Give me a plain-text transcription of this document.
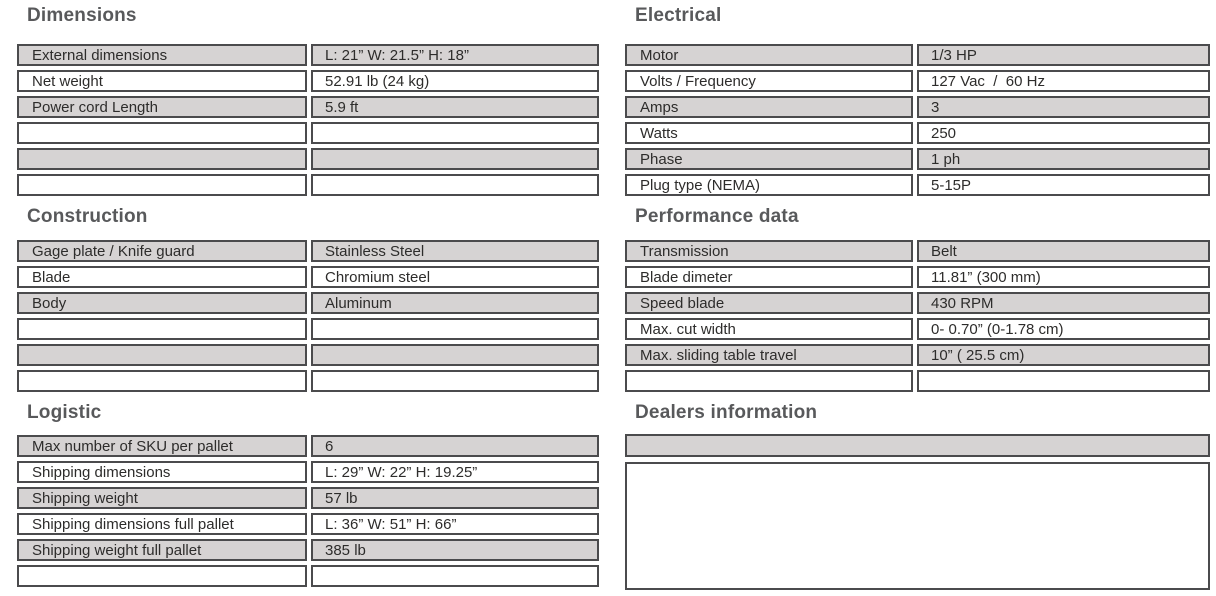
Dimensions	Electrical
Construction	Performance data
Logistic	Dealers information
External dimensions	L: 21” W: 21.5” H: 18”
Net weight	52.91 lb (24 kg)
Power cord Length	5.9 ft
Motor	1/3 HP
Volts / Frequency	127 Vac  /  60 Hz
Amps	3
Watts	250
Phase	1 ph
Plug type (NEMA)	5-15P
Gage plate / Knife guard	Stainless Steel
Blade	Chromium steel
Body	Aluminum
Transmission	Belt
Blade dimeter	11.81” (300 mm)
Speed blade	430 RPM
Max. cut width	0- 0.70” (0-1.78 cm)
Max. sliding table travel	10” ( 25.5 cm)
Max number of SKU per pallet	6
Shipping dimensions	L: 29” W: 22” H: 19.25”
Shipping weight	57 lb
Shipping dimensions full pallet	L: 36” W: 51” H: 66”
Shipping weight full pallet	385 lb
